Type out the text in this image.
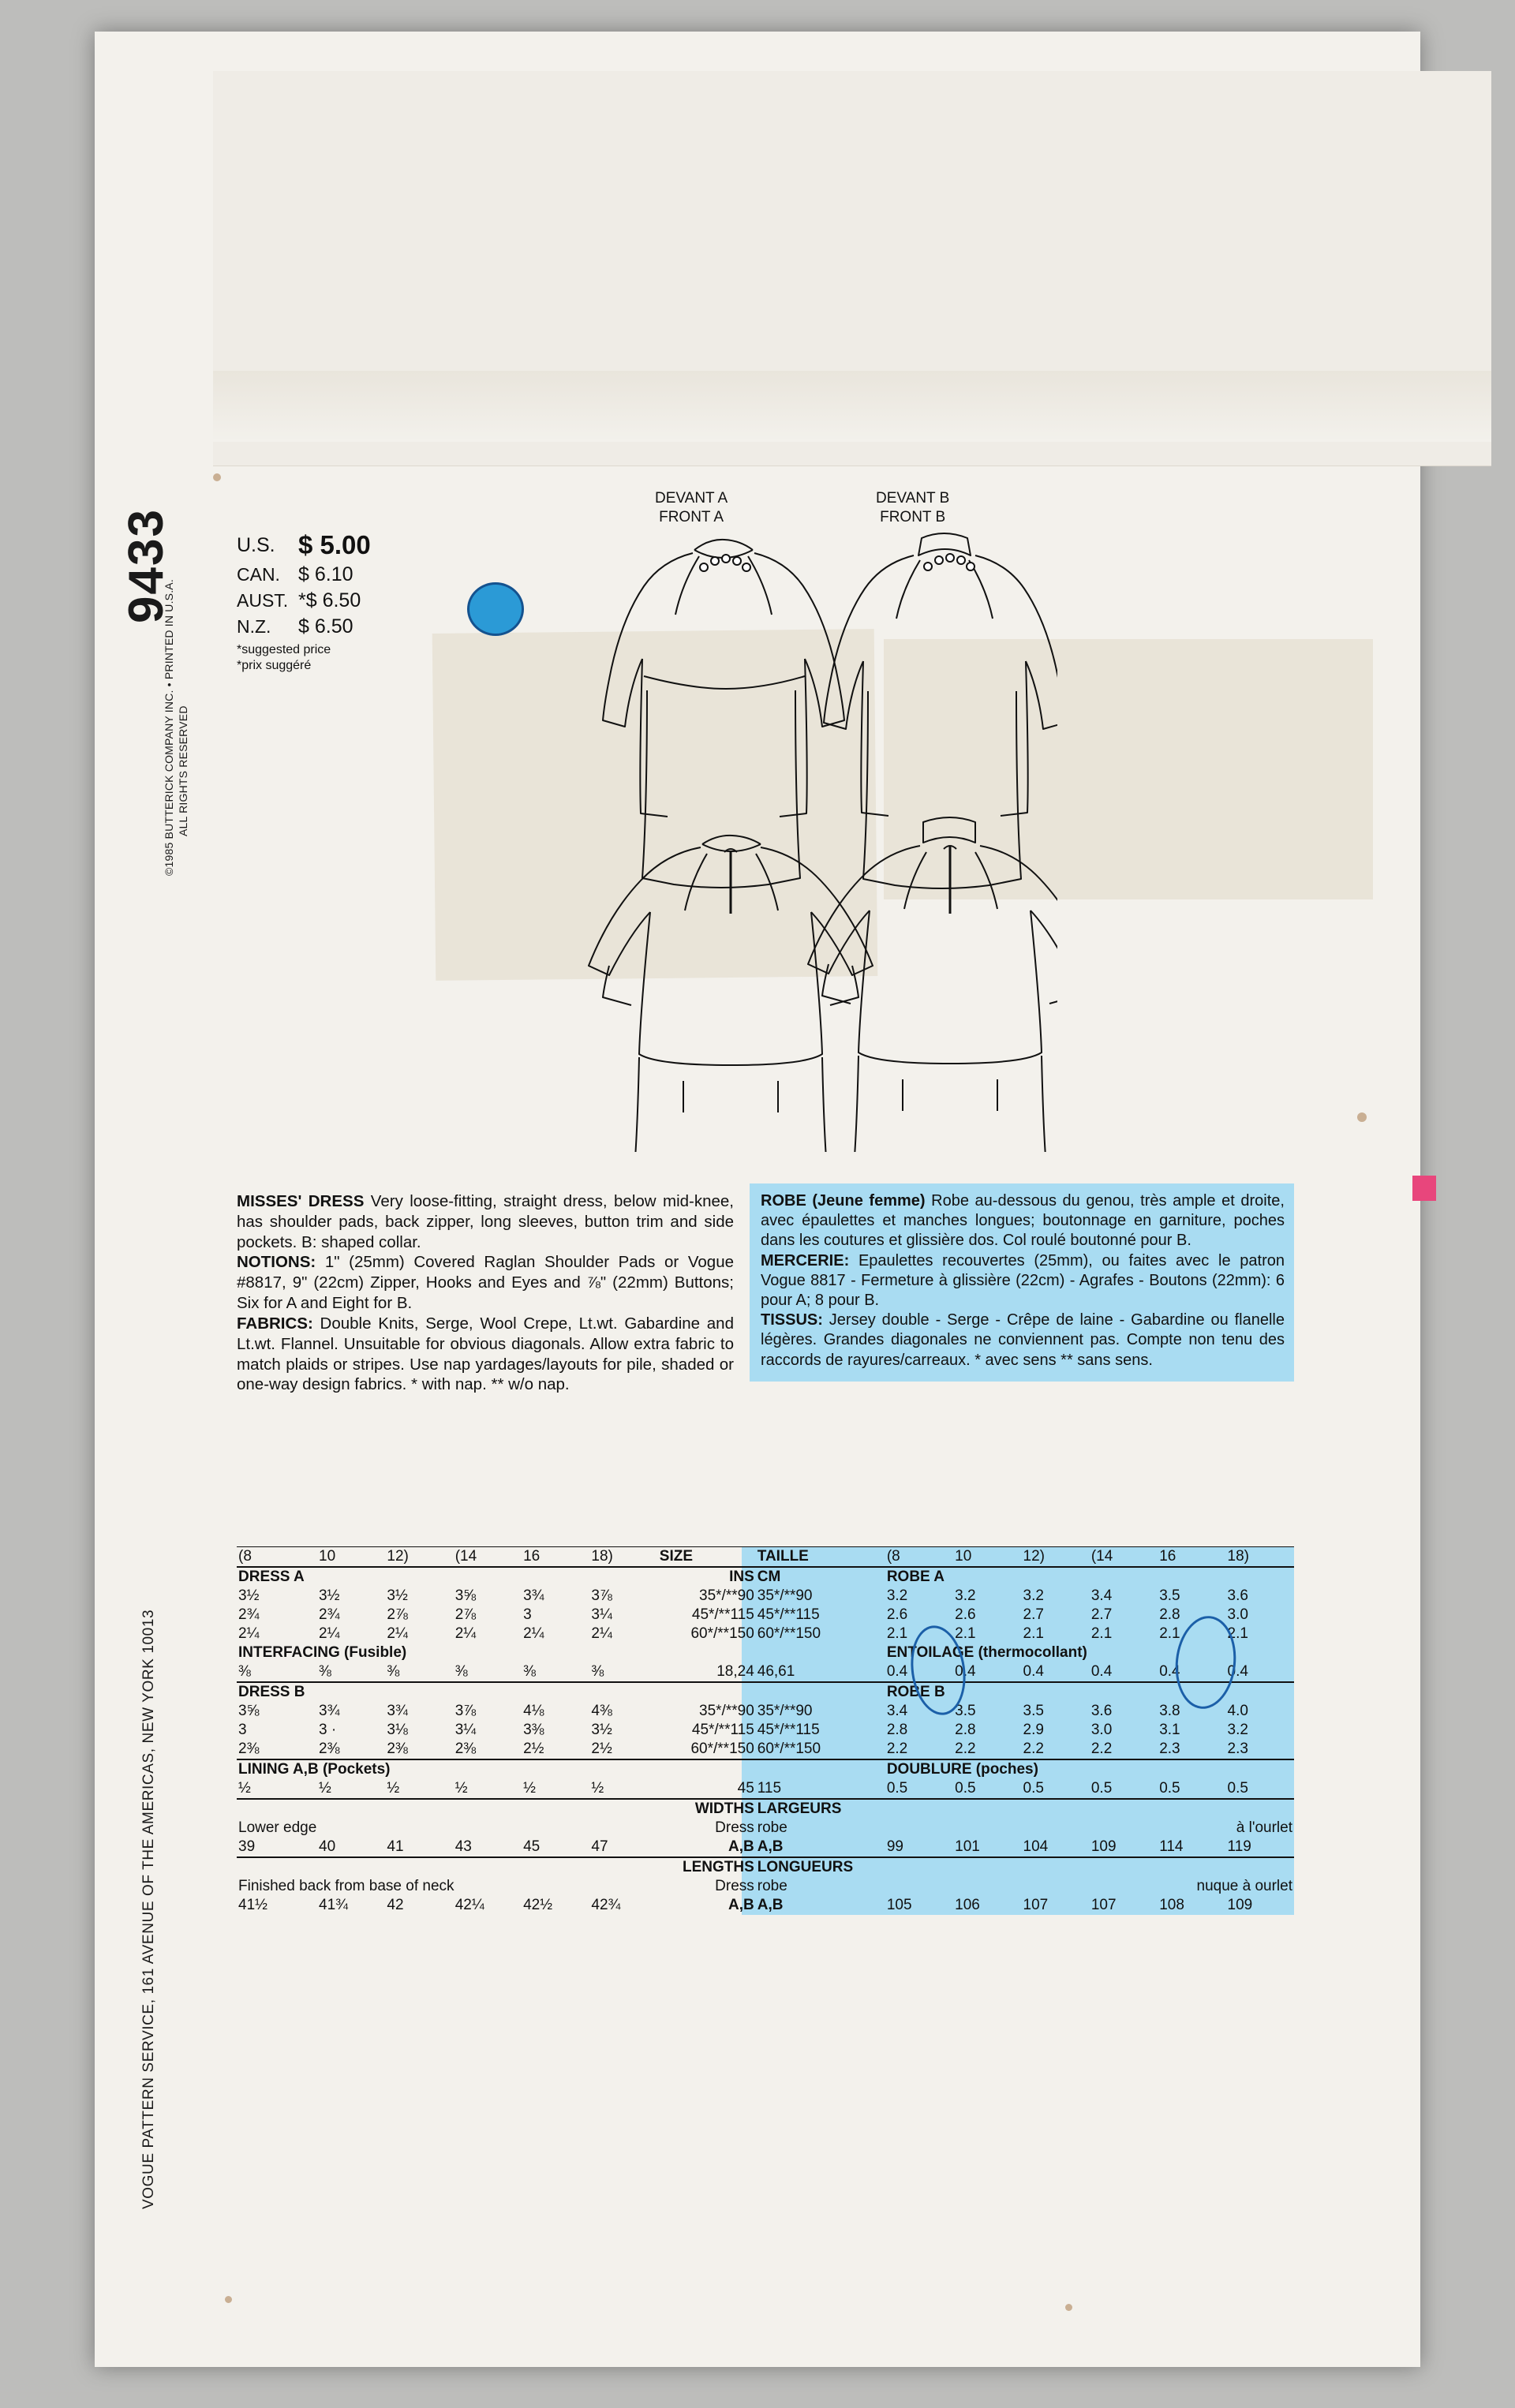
9433
VOGUE PATTERN SERVICE, 161 AVENUE OF THE AMERICAS, NEW YORK 10013
©1985 BUTTERICK COMPANY INC. • PRINTED IN U.S.A. ALL RIGHTS RESERVED
U.S.	$ 5.00
CAN.	$ 6.10
AUST.	*$ 6.50
N.Z.	$ 6.50
*suggested price
*prix suggéré
DEVANT A
FRONT A
DEVANT B
FRONT B
MISSES' DRESS Very loose-fitting, straight dress, below mid-knee, has shoulder pads, back zipper, long sleeves, button trim and side pockets. B: shaped collar.
NOTIONS: 1" (25mm) Covered Raglan Shoulder Pads or Vogue #8817, 9" (22cm) Zipper, Hooks and Eyes and ⅞" (22mm) Buttons; Six for A and Eight for B.
FABRICS: Double Knits, Serge, Wool Crepe, Lt.wt. Gabardine and Lt.wt. Flannel. Unsuitable for obvious diagonals. Allow extra fabric to match plaids or stripes. Use nap yardages/layouts for pile, shaded or one-way design fabrics. * with nap. ** w/o nap.
ROBE (Jeune femme) Robe au-dessous du genou, très ample et droite, avec épaulettes et manches longues; boutonnage en garniture, poches dans les coutures et glissière dos. Col roulé boutonné pour B.
MERCERIE: Epaulettes recouvertes (25mm), ou faites avec le patron Vogue 8817 - Fermeture à glissière (22cm) - Agrafes - Boutons (22mm): 6 pour A; 8 pour B.
TISSUS: Jersey double - Serge - Crêpe de laine - Gabardine ou flanelle légères. Grandes diagonales ne conviennent pas. Compte non tenu des raccords de rayures/carreaux. * avec sens ** sans sens.
(8	10	12)	(14	16	18)	SIZE	TAILLE	(8	10	12)	(14	16	18)
DRESS A						INS	CM	ROBE A					
3½	3½	3½	3⅝	3¾	3⅞	35*/**90	35*/**90	3.2	3.2	3.2	3.4	3.5	3.6
2¾	2¾	2⅞	2⅞	3	3¼	45*/**115	45*/**115	2.6	2.6	2.7	2.7	2.8	3.0
2¼	2¼	2¼	2¼	2¼	2¼	60*/**150	60*/**150	2.1	2.1	2.1	2.1	2.1	2.1
INTERFACING (Fusible)								ENTOILAGE (thermocollant)					
⅜	⅜	⅜	⅜	⅜	⅜	18,24	46,61	0.4	0.4	0.4	0.4	0.4	0.4
DRESS B								ROBE B					
3⅝	3¾	3¾	3⅞	4⅛	4⅜	35*/**90	35*/**90	3.4	3.5	3.5	3.6	3.8	4.0
3	3 ·	3⅛	3¼	3⅜	3½	45*/**115	45*/**115	2.8	2.8	2.9	3.0	3.1	3.2
2⅜	2⅜	2⅜	2⅜	2½	2½	60*/**150	60*/**150	2.2	2.2	2.2	2.2	2.3	2.3
LINING A,B (Pockets)								DOUBLURE (poches)					
½	½	½	½	½	½	45	115	0.5	0.5	0.5	0.5	0.5	0.5
						WIDTHS	LARGEURS						
Lower edge						Dress	robe	à l'ourlet					
39	40	41	43	45	47	A,B	A,B	99	101	104	109	114	119
						LENGTHS	LONGUEURS						
Finished back from base of neck						Dress	robe	nuque à ourlet					
41½	41¾	42	42¼	42½	42¾	A,B	A,B	105	106	107	107	108	109
